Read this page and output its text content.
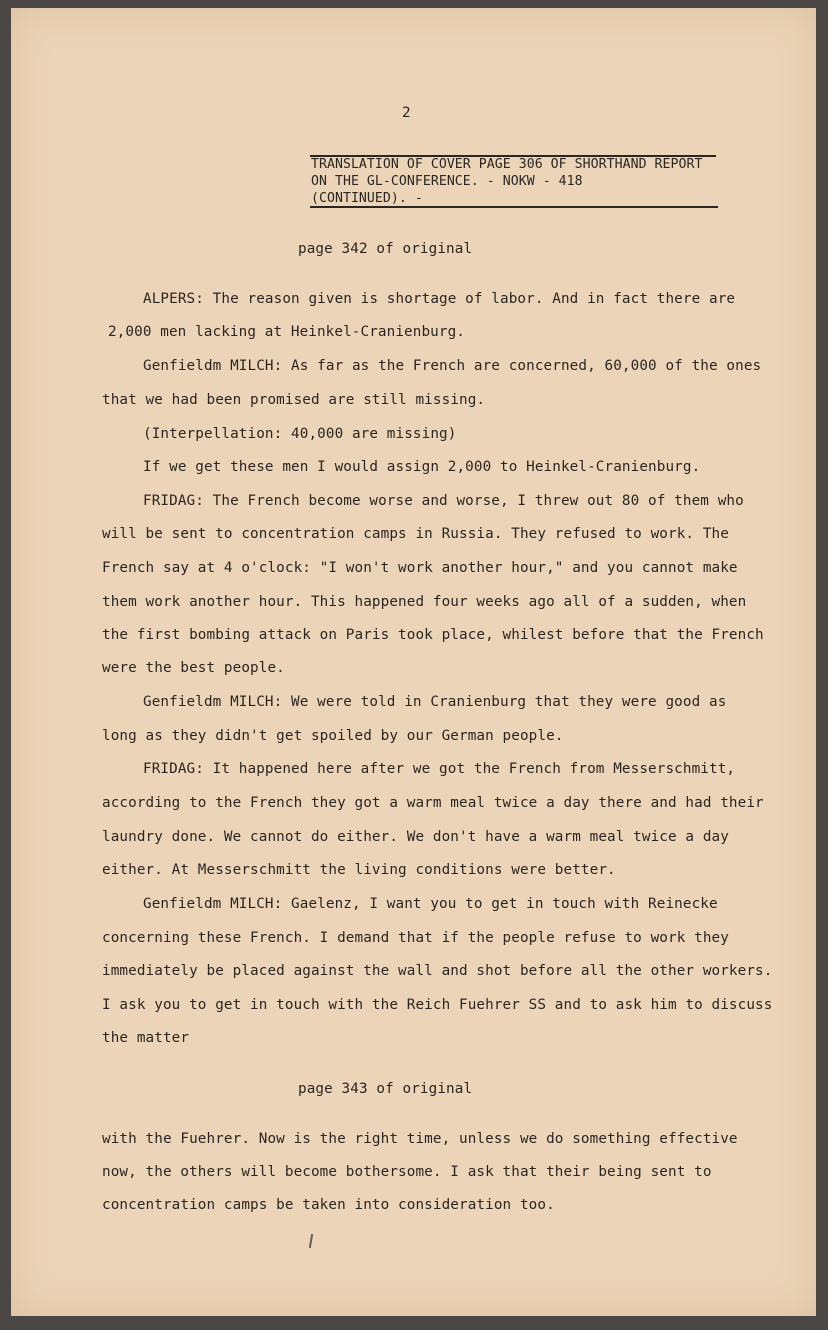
2

TRANSLATION OF COVER PAGE 306 OF SHORTHAND REPORT

ON THE GL-CONFERENCE. - NOKW - 418

(CONTINUED). -

page 342 of original

ALPERS: The reason given is shortage of labor. And in fact there are

2,000 men lacking at Heinkel-Cranienburg.

Genfieldm MILCH: As far as the French are concerned, 60,000 of the ones

that we had been promised are still missing.

(Interpellation: 40,000 are missing)

If we get these men I would assign 2,000 to Heinkel-Cranienburg.

FRIDAG: The French become worse and worse, I threw out 80 of them who

will be sent to concentration camps in Russia. They refused to work. The

French say at 4 o'clock: "I won't work another hour," and you cannot make

them work another hour. This happened four weeks ago all of a sudden, when

the first bombing attack on Paris took place, whilest before that the French

were the best people.

Genfieldm MILCH: We were told in Cranienburg that they were good as

long as they didn't get spoiled by our German people.

FRIDAG: It happened here after we got the French from Messerschmitt,

according to the French they got a warm meal twice a day there and had their

laundry done. We cannot do either. We don't have a warm meal twice a day

either. At Messerschmitt the living conditions were better.

Genfieldm MILCH: Gaelenz, I want you to get in touch with Reinecke

concerning these French. I demand that if the people refuse to work they

immediately be placed against the wall and shot before all the other workers.

I ask you to get in touch with the Reich Fuehrer SS and to ask him to discuss

the matter

page 343 of original

with the Fuehrer. Now is the right time, unless we do something effective

now, the others will become bothersome. I ask that their being sent to

concentration camps be taken into consideration too.
